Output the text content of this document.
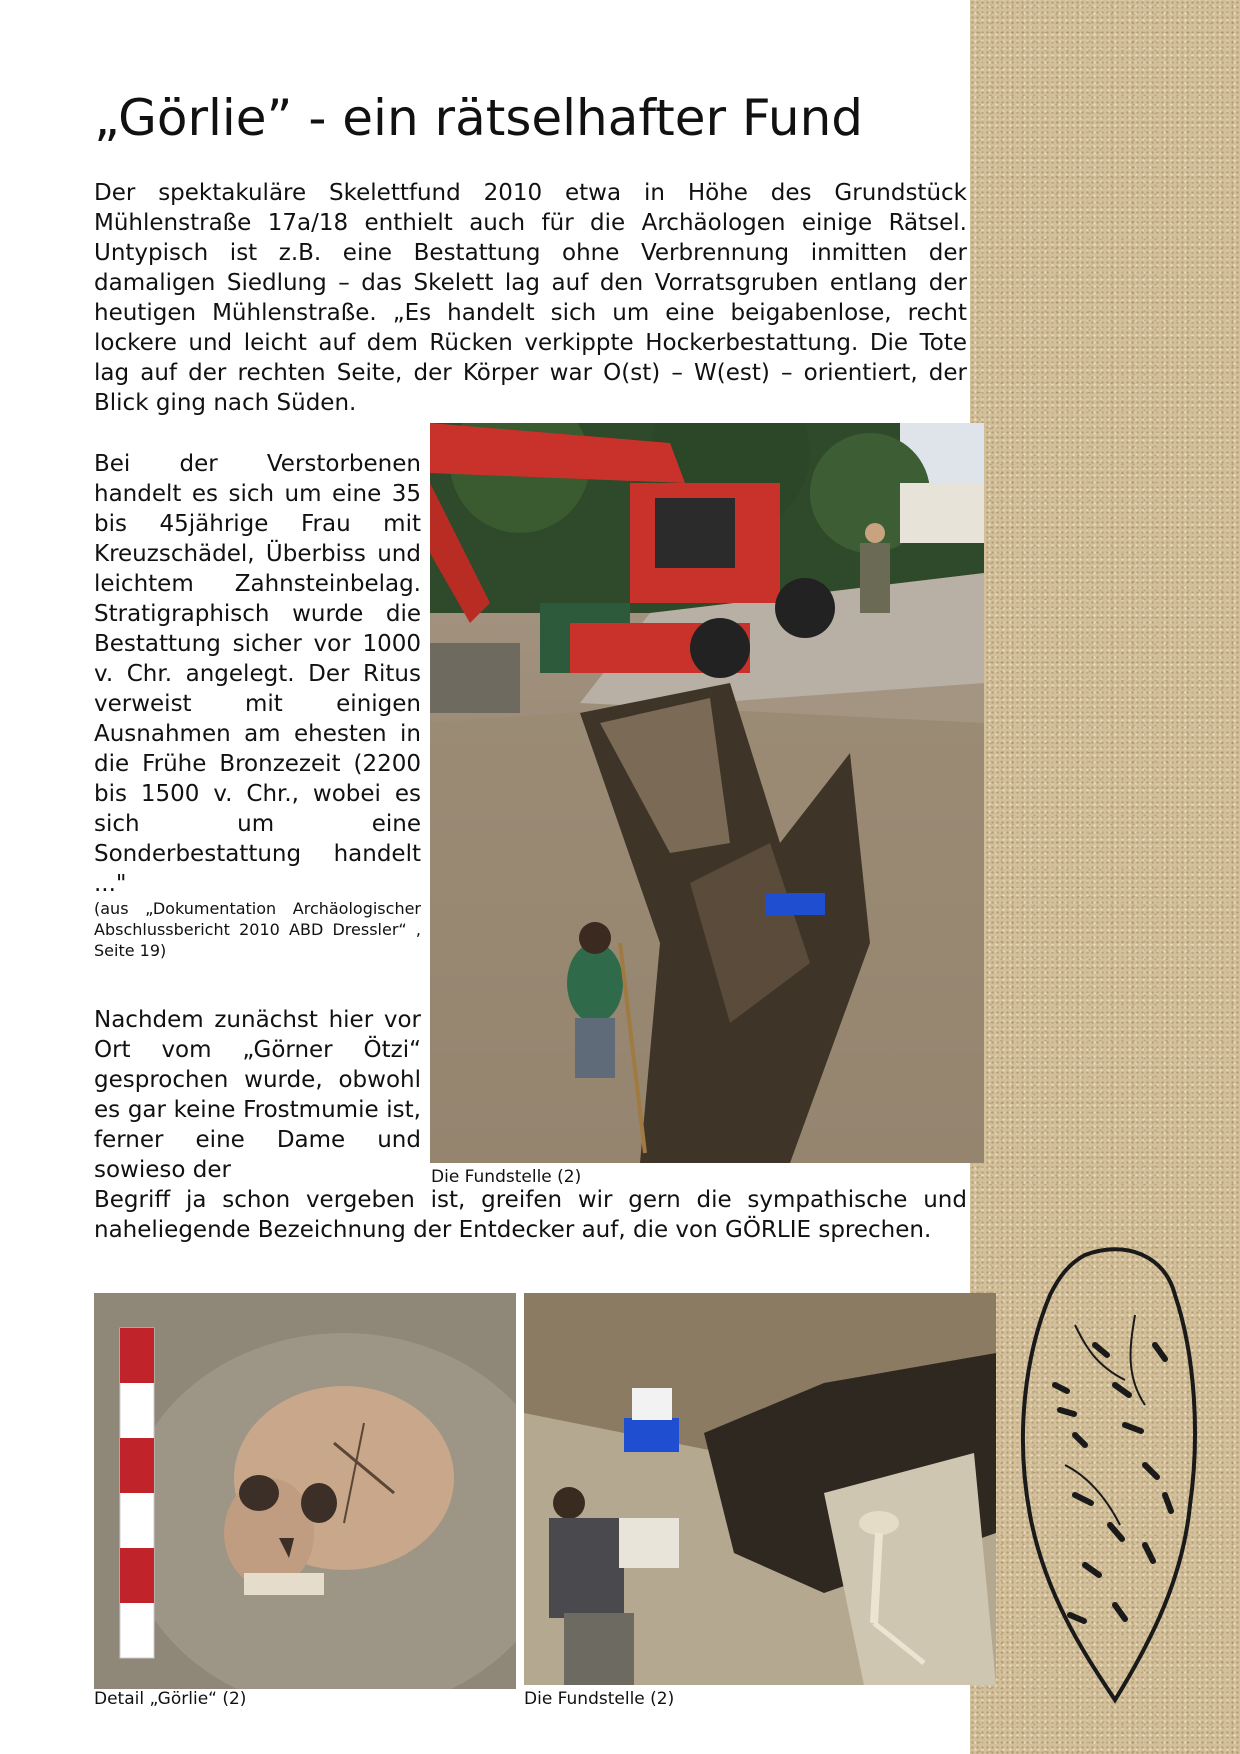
„Görlie” - ein rätselhafter Fund

Der spektakuläre Skelettfund 2010 etwa in Höhe des Grundstück Mühlenstraße 17a/18 enthielt auch für die Archäologen einige Rätsel. Untypisch ist z.B. eine Bestattung ohne Verbrennung inmitten der damaligen Siedlung – das Skelett lag auf den Vorratsgruben entlang der heutigen Mühlenstraße. „Es handelt sich um eine beigabenlose, recht lockere und leicht auf dem Rücken verkippte Hockerbestattung. Die Tote lag auf der rechten Seite, der Körper war O(st) – W(est) – orientiert, der Blick ging nach Süden.

Die Fundstelle (2)

Bei der Verstorbenen handelt es sich um eine 35 bis 45jährige Frau mit Kreuzschädel, Überbiss und leichtem Zahnsteinbelag. Stratigraphisch wurde die Bestattung sicher vor 1000 v. Chr. angelegt. Der Ritus verweist mit einigen Ausnahmen am ehesten in die Frühe Bronzezeit (2200 bis 1500 v. Chr., wobei es sich um eine Sonderbestattung handelt ..."

(aus „Dokumentation Archäologischer Abschlussbericht 2010 ABD Dressler“ , Seite 19)

Nachdem zunächst hier vor Ort vom „Görner Ötzi“ gesprochen wurde, obwohl es gar keine Frostmumie ist, ferner eine Dame und sowieso der

Begriff ja schon vergeben ist, greifen wir gern die sympathische und naheliegende Bezeichnung der Entdecker auf, die von GÖRLIE sprechen.

Detail „Görlie“ (2)	Die Fundstelle (2)
